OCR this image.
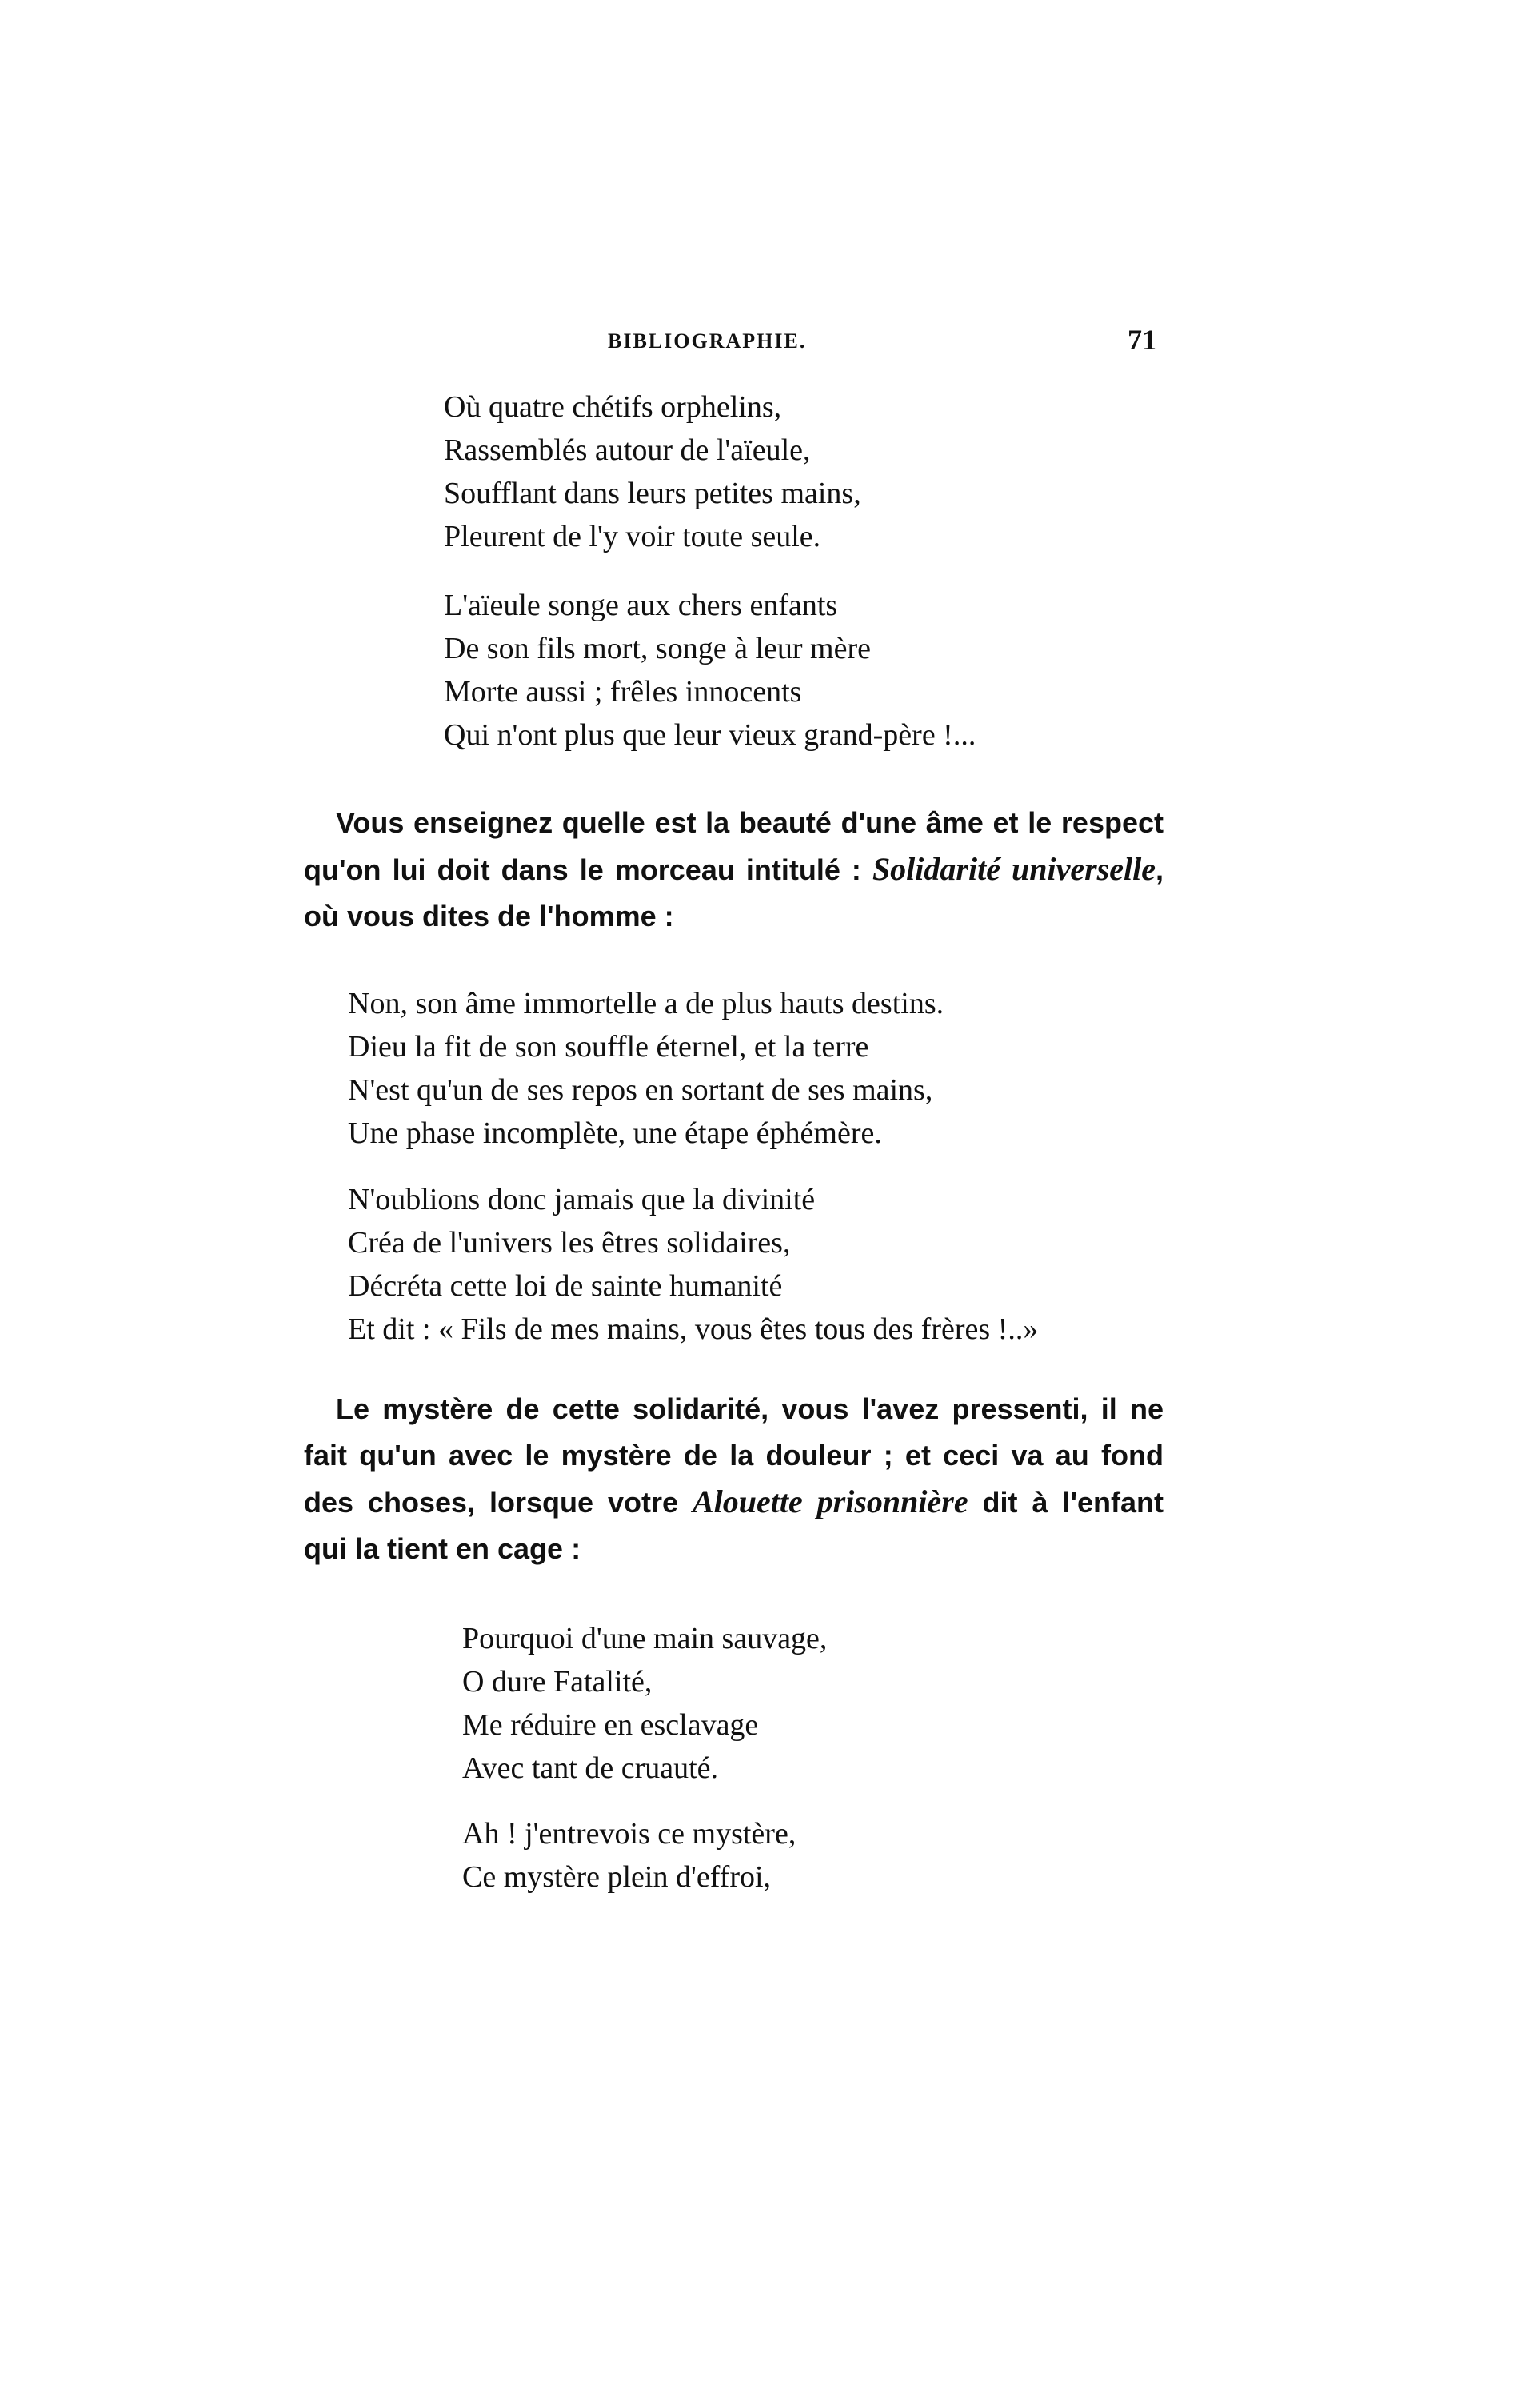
BIBLIOGRAPHIE.	71
Où quatre chétifs orphelins,
Rassemblés autour de l'aïeule,
Soufflant dans leurs petites mains,
Pleurent de l'y voir toute seule.
L'aïeule songe aux chers enfants
De son fils mort, songe à leur mère
Morte aussi ; frêles innocents
Qui n'ont plus que leur vieux grand-père !...

Vous enseignez quelle est la beauté d'une âme et le respect qu'on lui doit dans le morceau intitulé : Solidarité universelle, où vous dites de l'homme :

Non, son âme immortelle a de plus hauts destins.
Dieu la fit de son souffle éternel, et la terre
N'est qu'un de ses repos en sortant de ses mains,
Une phase incomplète, une étape éphémère.
N'oublions donc jamais que la divinité
Créa de l'univers les êtres solidaires,
Décréta cette loi de sainte humanité
Et dit : « Fils de mes mains, vous êtes tous des frères !..»

Le mystère de cette solidarité, vous l'avez pressenti, il ne fait qu'un avec le mystère de la douleur ; et ceci va au fond des choses, lorsque votre Alouette prisonnière dit à l'enfant qui la tient en cage :

Pourquoi d'une main sauvage,
O dure Fatalité,
Me réduire en esclavage
Avec tant de cruauté.
Ah ! j'entrevois ce mystère,
Ce mystère plein d'effroi,
